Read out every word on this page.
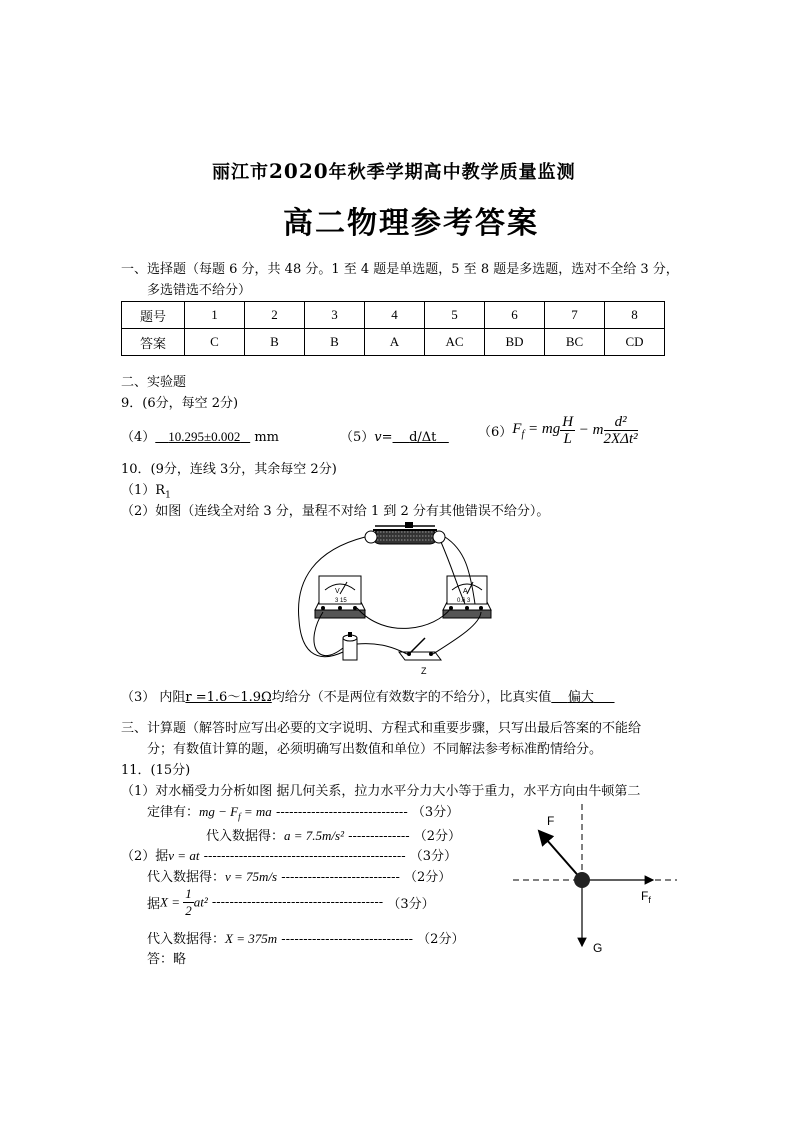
丽江市2020年秋季学期高中教学质量监测
高二物理参考答案
一、选择题（每题 6 分，共 48 分。1 至 4 题是单选题，5 至 8 题是多选题，选对不全给 3 分，
多选错选不给分）
题号	1	2	3	4	5	6	7	8
答案	C	B	B	A	AC	BD	BC	CD
二、实验题
9．(6分，每空 2分)
（4） 10.295±0.002 mm	（5）v= d/Δt	$(6)F_f$ = mg $\frac{H}{L} - m \frac{\text{d²}}{\text{2XΔt²}}$
10．(9分，连线 3分，其余每空 2分)
$(1)R_1$
（2）如图（连线全对给 3 分，量程不对给 1 到 2 分有其他错误不给分）。
V
3 15
A
0.6 3
Z
（3） 内阻r =1.6～1.9Ω均给分（不是两位有效数字的不给分），比真实值 偏大
三、计算题（解答时应写出必要的文字说明、方程式和重要步骤，只写出最后答案的不能给
分；有数值计算的题，必须明确写出数值和单位）不同解法参考标准酌情给分。
11．(15分)
（1）对水桶受力分析如图 据几何关系，拉力水平分力大小等于重力，水平方向由牛顿第二
定律有：mg − $F_f$ = ma ------------------------------ （3分）
代入数据得：a = 7.5m/s² -------------- （2分）
（2）据v = at ---------------------------------------------- （3分）
代入数据得：v = 75m/s --------------------------- （2分）
据$X = \frac{1}{2} at^2$ --------------------------------------- （3分）
代入数据得：X = 375m ------------------------------ （2分）
答：略
F
$F_f$
G
